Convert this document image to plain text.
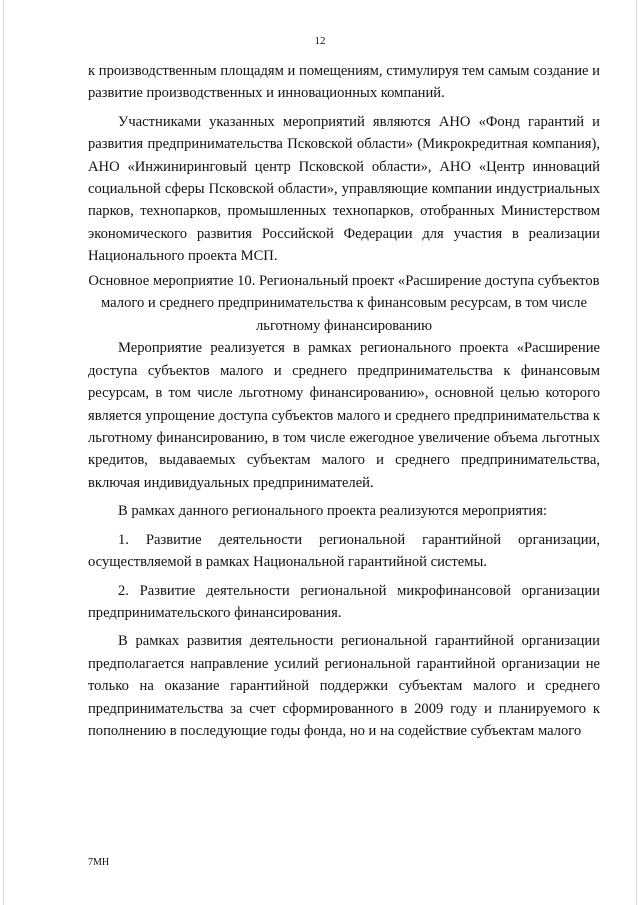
12

к производственным площадям и помещениям, стимулируя тем самым создание и развитие производственных и инновационных компаний.

Участниками указанных мероприятий являются АНО «Фонд гарантий и развития предпринимательства Псковской области» (Микрокредитная компания), АНО «Инжиниринговый центр Псковской области», АНО «Центр инноваций социальной сферы Псковской области», управляющие компании индустриальных парков, технопарков, промышленных технопарков, отобранных Министерством экономического развития Российской Федерации для участия в реализации Национального проекта МСП.

Основное мероприятие 10. Региональный проект «Расширение доступа субъектов малого и среднего предпринимательства к финансовым ресурсам, в том числе льготному финансированию

Мероприятие реализуется в рамках регионального проекта «Расширение доступа субъектов малого и среднего предпринимательства к финансовым ресурсам, в том числе льготному финансированию», основной целью которого является упрощение доступа субъектов малого и среднего предпринимательства к льготному финансированию, в том числе ежегодное увеличение объема льготных кредитов, выдаваемых субъектам малого и среднего предпринимательства, включая индивидуальных предпринимателей.

В рамках данного регионального проекта реализуются мероприятия:

1. Развитие деятельности региональной гарантийной организации, осуществляемой в рамках Национальной гарантийной системы.

2. Развитие деятельности региональной микрофинансовой организации предпринимательского финансирования.

В рамках развития деятельности региональной гарантийной организации предполагается направление усилий региональной гарантийной организации не только на оказание гарантийной поддержки субъектам малого и среднего предпринимательства за счет сформированного в 2009 году и планируемого к пополнению в последующие годы фонда, но и на содействие субъектам малого

7МН
